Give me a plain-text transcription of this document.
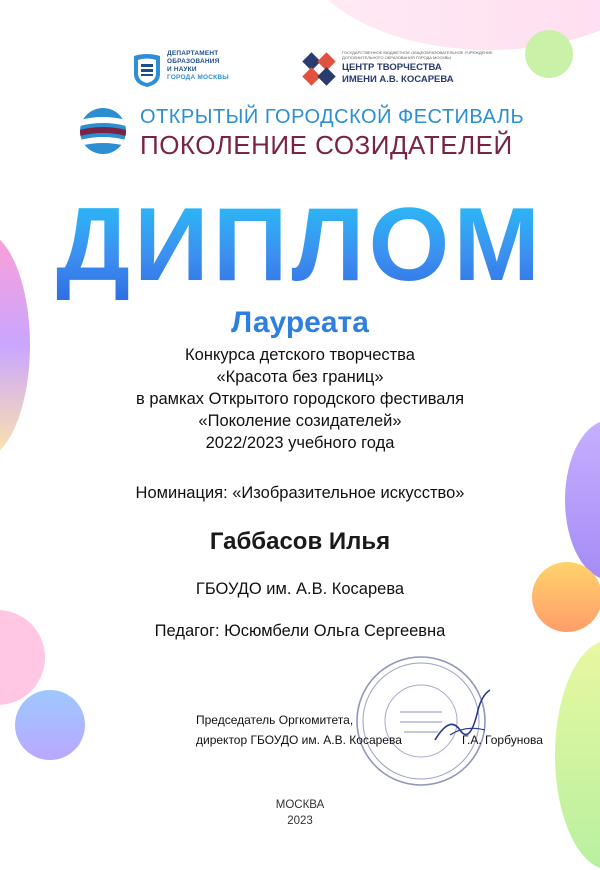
ДЕПАРТАМЕНТ
ОБРАЗОВАНИЯ
И НАУКИ
ГОРОДА МОСКВЫ
ГОСУДАРСТВЕННОЕ БЮДЖЕТНОЕ ОБЩЕОБРАЗОВАТЕЛЬНОЕ УЧРЕЖДЕНИЕ
ДОПОЛНИТЕЛЬНОГО ОБРАЗОВАНИЯ ГОРОДА МОСКВЫ
ЦЕНТР ТВОРЧЕСТВА
ИМЕНИ А.В. КОСАРЕВА
ОТКРЫТЫЙ ГОРОДСКОЙ ФЕСТИВАЛЬ
ПОКОЛЕНИЕ СОЗИДАТЕЛЕЙ
ДИПЛОМ
Лауреата
Конкурса детского творчества
«Красота без границ»
в рамках Открытого городского фестиваля
«Поколение созидателей»
2022/2023 учебного года
Номинация: «Изобразительное искусство»
Габбасов Илья
ГБОУДО им. А.В. Косарева
Педагог: Юсюмбели Ольга Сергеевна
Председатель Оргкомитета,
директор ГБОУДО им. А.В. Косарева	Г.А. Горбунова
МОСКВА
2023
